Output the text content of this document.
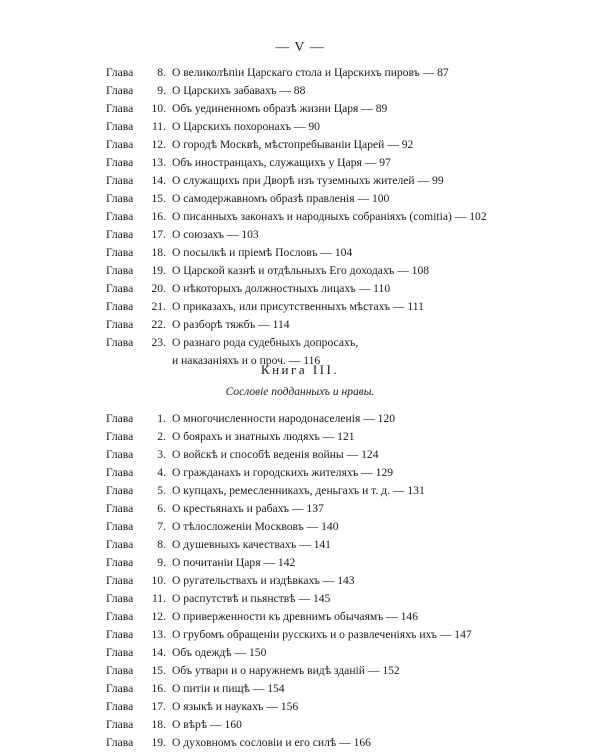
— V —
Глава	8. О великолѣпіи Царскаго стола и Царскихъ пировъ — 87
Глава	9. О Царскихъ забавахъ — 88
Глава	10. Объ уединенномъ образѣ жизни Царя — 89
Глава	11. О Царскихъ похоронахъ — 90
Глава	12. О городѣ Москвѣ, мѣстопребываніи Царей — 92
Глава	13. Объ иностранцахъ, служащихъ у Царя — 97
Глава	14. О служащихъ при Дворѣ изъ туземныхъ жителей — 99
Глава	15. О самодержавномъ образѣ правленія — 100
Глава	16. О писанныхъ законахъ и народныхъ собраніяхъ (comitia) — 102
Глава	17. О союзахъ — 103
Глава	18. О посылкѣ и пріемѣ Пословъ — 104
Глава	19. О Царской казнѣ и отдѣльныхъ Его доходахъ — 108
Глава	20. О нѣкоторыхъ должностныхъ лицахъ — 110
Глава	21. О приказахъ, или присутственныхъ мѣстахъ — 111
Глава	22. О разборѣ тяжбъ — 114
Глава	23. О разнаго рода судебныхъ допросахъ,
и наказаніяхъ и о проч. — 116
Книга III.
Сословіе подданныхъ и нравы.
Глава	1. О многочисленности народонаселенія — 120
Глава	2. О боярахъ и знатныхъ людяхъ — 121
Глава	3. О войскѣ и способѣ веденія войны — 124
Глава	4. О гражданахъ и городскихъ жителяхъ — 129
Глава	5. О купцахъ, ремесленникахъ, деньгахъ и т. д. — 131
Глава	6. О крестьянахъ и рабахъ — 137
Глава	7. О тѣлосложеніи Москвовъ — 140
Глава	8. О душевныхъ качествахъ — 141
Глава	9. О почитаніи Царя — 142
Глава	10. О ругательствахъ и издѣвкахъ — 143
Глава	11. О распутствѣ и пьянствѣ — 145
Глава	12. О приверженности къ древнимъ обычаямъ — 146
Глава	13. О грубомъ обращеніи русскихъ и о развлеченіяхъ ихъ — 147
Глава	14. Объ одеждѣ — 150
Глава	15. Объ утвари и о наружнемъ видѣ зданій — 152
Глава	16. О питіи и пищѣ — 154
Глава	17. О языкѣ и наукахъ — 156
Глава	18. О вѣрѣ — 160
Глава	19. О духовномъ сословіи и его силѣ — 166
